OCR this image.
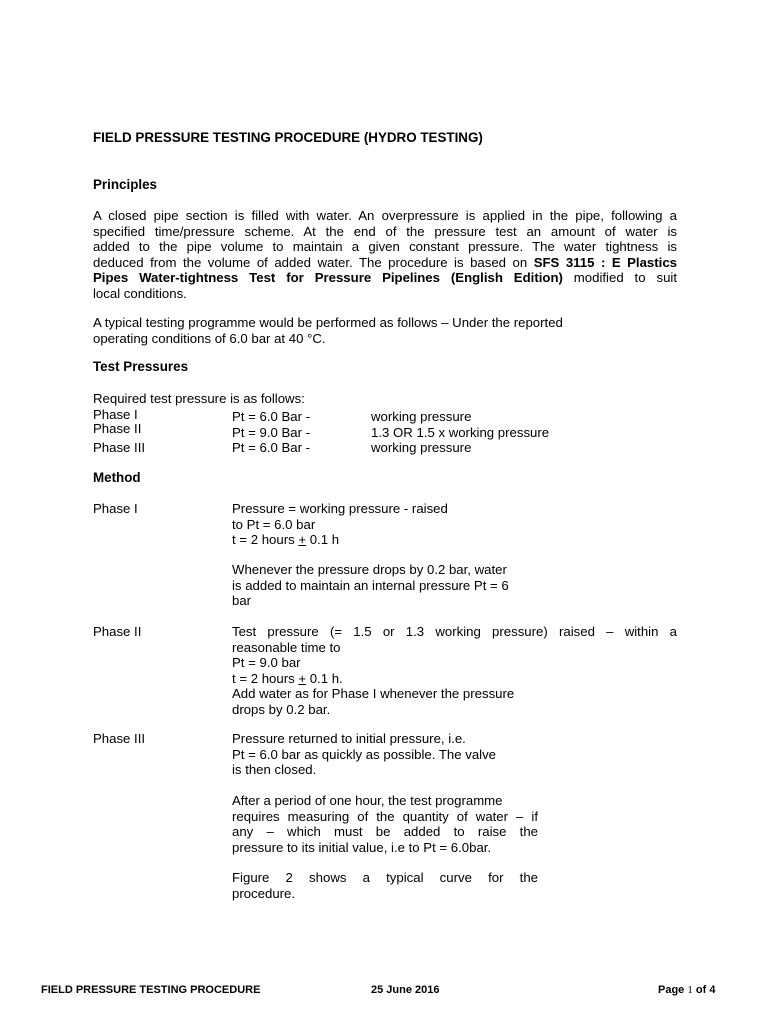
FIELD PRESSURE TESTING PROCEDURE (HYDRO TESTING)
Principles
A closed pipe section is filled with water. An overpressure is applied in the pipe, following a
specified time/pressure scheme. At the end of the pressure test an amount of water is
added to the pipe volume to maintain a given constant pressure. The water tightness is
deduced from the volume of added water. The procedure is based on SFS 3115 : E Plastics
Pipes Water-tightness Test for Pressure Pipelines (English Edition) modified to suit
local conditions.
A typical testing programme would be performed as follows – Under the reported
operating conditions of 6.0 bar at 40 °C.
Test Pressures
Required test pressure is as follows:
Phase I	Pt = 6.0 Bar -	working pressure
Phase II	Pt = 9.0 Bar -	1.3 OR 1.5 x working pressure
Phase III	Pt = 6.0 Bar -	working pressure
Method
Phase I	Pressure = working pressure - raised
to Pt = 6.0 bar
t = 2 hours + 0.1 h
Whenever the pressure drops by 0.2 bar, water
is added to maintain an internal pressure Pt = 6
bar
Phase II	Test pressure (= 1.5 or 1.3 working pressure) raised – within a
reasonable time to
Pt = 9.0 bar
t = 2 hours + 0.1 h.
Add water as for Phase I whenever the pressure
drops by 0.2 bar.
Phase III	Pressure returned to initial pressure, i.e.
Pt = 6.0 bar as quickly as possible. The valve
is then closed.
After a period of one hour, the test programme
requires measuring of the quantity of water – if
any – which must be added to raise the
pressure to its initial value, i.e to Pt = 6.0bar.
Figure 2 shows a typical curve for the
procedure.
FIELD PRESSURE TESTING PROCEDURE	25 June 2016	Page 1 of 4
